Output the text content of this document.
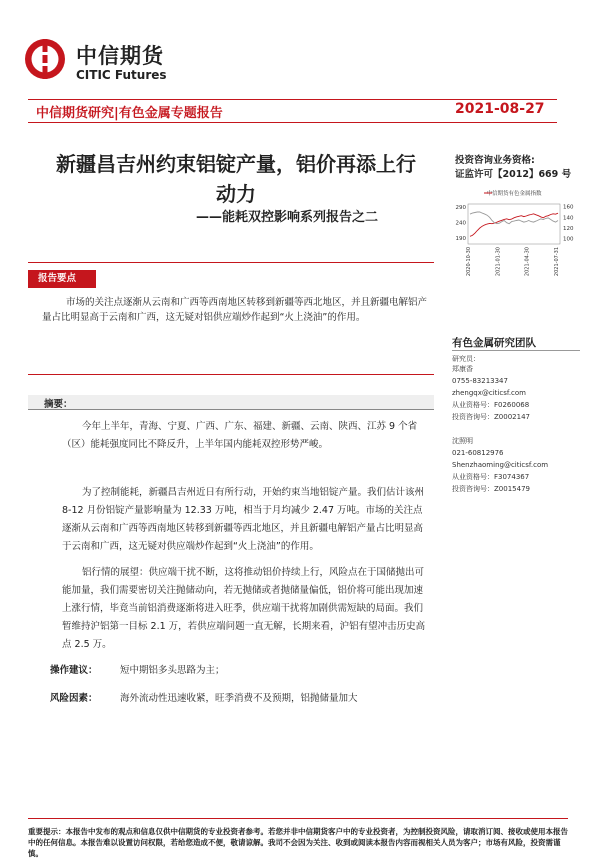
中信期货
CITIC Futures
中信期货研究|有色金属专题报告	2021-08-27
新疆昌吉州约束铝锭产量，铝价再添上行
动力
——能耗双控影响系列报告之二
投资咨询业务资格:
证监许可【2012】669 号
中信期货有色金属指数
290
240
190
160
140
120
100
2020-10-30	2021-01-30	2021-04-30	2021-07-31
报告要点
市场的关注点逐渐从云南和广西等西南地区转移到新疆等西北地区，并且新疆电解铝产量占比明显高于云南和广西，这无疑对铝供应端炒作起到“火上浇油”的作用。
摘要：
今年上半年，青海、宁夏、广西、广东、福建、新疆、云南、陕西、江苏 9 个省（区）能耗强度同比不降反升，上半年国内能耗双控形势严峻。
为了控制能耗，新疆昌吉州近日有所行动，开始约束当地铝锭产量。我们估计该州 8-12 月份铝锭产量影响量为 12.33 万吨，相当于月均减少 2.47 万吨。市场的关注点逐渐从云南和广西等西南地区转移到新疆等西北地区，并且新疆电解铝产量占比明显高于云南和广西，这无疑对供应端炒作起到“火上浇油”的作用。
铝行情的展望：供应端干扰不断，这将推动铝价持续上行，风险点在于国储抛出可能加量，我们需要密切关注抛储动向，若无抛储或者抛储量偏低，铝价将可能出现加速上涨行情，毕竟当前铝消费逐渐将进入旺季，供应端干扰将加剧供需短缺的局面。我们暂维持沪铝第一目标 2.1 万，若供应端问题一直无解，长期来看，沪铝有望冲击历史高点 2.5 万。
操作建议： 短中期铝多头思路为主；
风险因素： 海外流动性迅速收紧，旺季消费不及预期，铝抛储量加大
有色金属研究团队
研究员：
郑康香
0755-83213347
zhengqx@citicsf.com
从业资格号：F0260068
投资咨询号：Z0002147
沈照明
021-60812976
Shenzhaoming@citicsf.com
从业资格号：F3074367
投资咨询号：Z0015479
重要提示：本报告中发布的观点和信息仅供中信期货的专业投资者参考。若您并非中信期货客户中的专业投资者，为控制投资风险，请取消订阅、接收或使用本报告中的任何信息。本报告难以设置访问权限，若给您造成不便，敬请谅解。我司不会因为关注、收到或阅读本报告内容而视相关人员为客户；市场有风险，投资需谨慎。
